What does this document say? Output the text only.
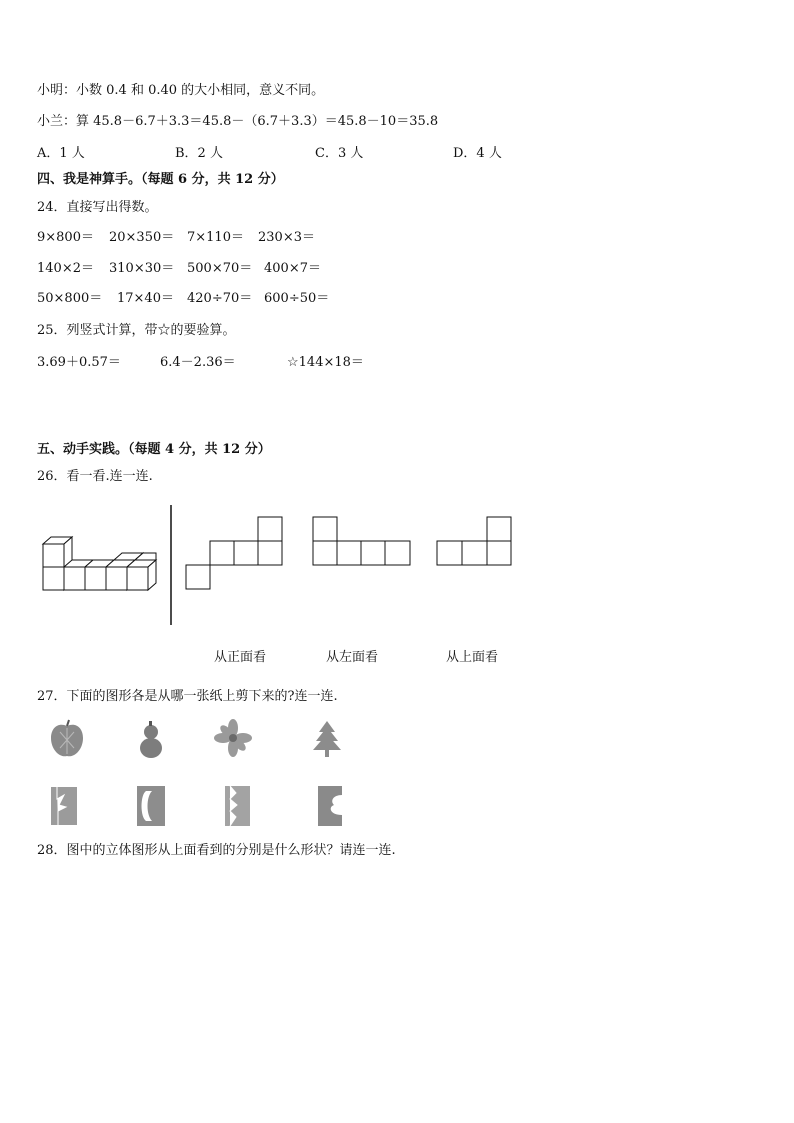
小明：小数 0.4 和 0.40 的大小相同，意义不同。
小兰：算 45.8－6.7＋3.3＝45.8－（6.7＋3.3）＝45.8－10＝35.8
A．1 人	B．2 人	C．3 人	D．4 人
四、我是神算手。（每题 6 分，共 12 分）
24．直接写出得数。
9×800＝ 20×350＝ 7×110＝ 230×3＝
140×2＝ 310×30＝ 500×70＝ 400×7＝
50×800＝ 17×40＝ 420÷70＝ 600÷50＝
25．列竖式计算，带☆的要验算。
3.69＋0.57＝	6.4－2.36＝	☆144×18＝
五、动手实践。（每题 4 分，共 12 分）
26．看一看.连一连.
从正面看	从左面看	从上面看
27．下面的图形各是从哪一张纸上剪下来的?连一连.
28．图中的立体图形从上面看到的分别是什么形状？请连一连.
